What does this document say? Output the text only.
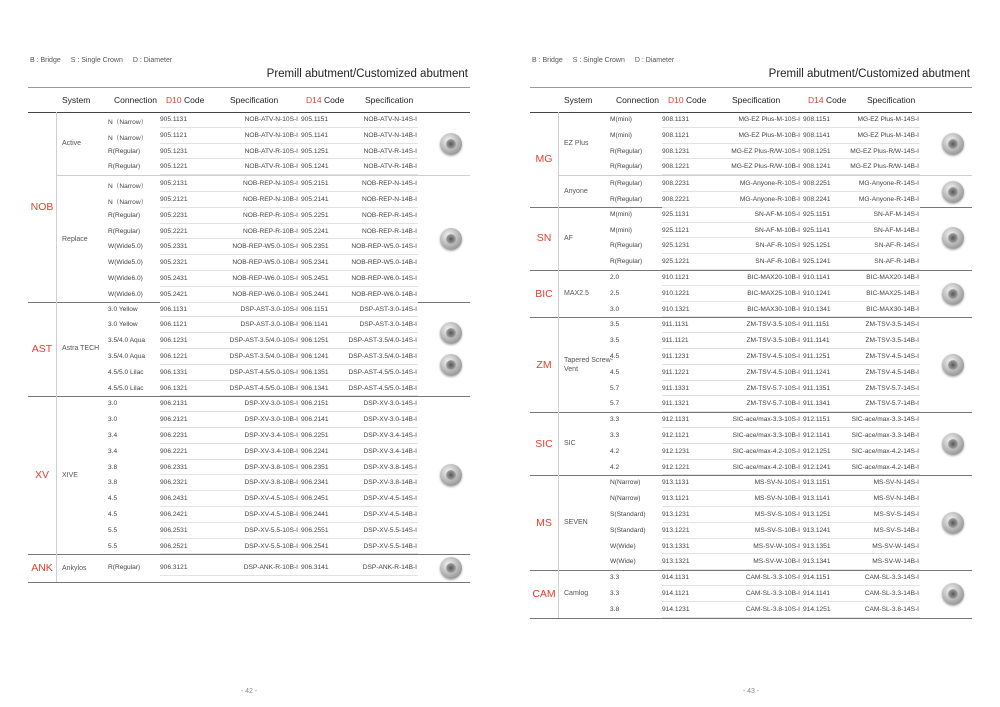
B : Bridge S : Single Crown D : Diameter
Premill abutment/Customized abutment
System	Connection D10 Code	Specification	D14 Code Specification
NOB
Active
N（Narrow） 905.1131	NOB-ATV-N-10S-I 905.1151	NOB-ATV-N-14S-I
N（Narrow） 905.1121	NOB-ATV-N-10B-I 905.1141	NOB-ATV-N-14B-I
R(Regular)	905.1231	NOB-ATV-R-10S-I 905.1251	NOB-ATV-R-14S-I
R(Regular)	905.1221	NOB-ATV-R-10B-I 905.1241	NOB-ATV-R-14B-I
Replace
N（Narrow） 905.2131	NOB-REP-N-10S-I 905.2151	NOB-REP-N-14S-I
N（Narrow） 905.2121	NOB-REP-N-10B-I 905.2141	NOB-REP-N-14B-I
R(Regular)	905.2231	NOB-REP-R-10S-I 905.2251	NOB-REP-R-14S-I
R(Regular)	905.2221	NOB-REP-R-10B-I 905.2241	NOB-REP-R-14B-I
W(Wide5.0)	905.2331	NOB-REP-W5.0-10S-I 905.2351	NOB-REP-W5.0-14S-I
W(Wide5.0)	905.2321	NOB-REP-W5.0-10B-I 905.2341	NOB-REP-W5.0-14B-I
W(Wide6.0)	905.2431	NOB-REP-W6.0-10S-I 905.2451	NOB-REP-W6.0-14S-I
W(Wide6.0)	905.2421	NOB-REP-W6.0-10B-I 905.2441	NOB-REP-W6.0-14B-I
AST	Astra TECH
3.0 Yellow	906.1131	DSP-AST-3.0-10S-I 906.1151	DSP-AST-3.0-14S-I
3.0 Yellow	906.1121	DSP-AST-3.0-10B-I 906.1141	DSP-AST-3.0-14B-I
3.5/4.0 Aqua 906.1231	DSP-AST-3.5/4.0-10S-I 906.1251	DSP-AST-3.5/4.0-14S-I
3.5/4.0 Aqua 906.1221	DSP-AST-3.5/4.0-10B-I 906.1241	DSP-AST-3.5/4.0-14B-I
4.5/5.0 Lilac 906.1331	DSP-AST-4.5/5.0-10S-I 906.1351	DSP-AST-4.5/5.0-14S-I
4.5/5.0 Lilac 906.1321	DSP-AST-4.5/5.0-10B-I 906.1341	DSP-AST-4.5/5.0-14B-I
XV	XIVE
3.0	906.2131	DSP-XV-3.0-10S-I 906.2151	DSP-XV-3.0-14S-I
3.0	906.2121	DSP-XV-3.0-10B-I 906.2141	DSP-XV-3.0-14B-I
3.4	906.2231	DSP-XV-3.4-10S-I 906.2251	DSP-XV-3.4-14S-I
3.4	906.2221	DSP-XV-3.4-10B-I 906.2241	DSP-XV-3.4-14B-I
3.8	906.2331	DSP-XV-3.8-10S-I 906.2351	DSP-XV-3.8-14S-I
3.8	906.2321	DSP-XV-3.8-10B-I 906.2341	DSP-XV-3.8-14B-I
4.5	906.2431	DSP-XV-4.5-10S-I 906.2451	DSP-XV-4.5-14S-I
4.5	906.2421	DSP-XV-4.5-10B-I 906.2441	DSP-XV-4.5-14B-I
5.5	906.2531	DSP-XV-5.5-10S-I 906.2551	DSP-XV-5.5-14S-I
5.5	906.2521	DSP-XV-5.5-10B-I 906.2541	DSP-XV-5.5-14B-I
ANK	Ankylos	R(Regular)	906.3121	DSP-ANK-R-10B-I 906.3141	DSP-ANK-R-14B-I
- 42 -
B : Bridge S : Single Crown D : Diameter
Premill abutment/Customized abutment
System	Connection D10 Code	Specification	D14 Code Specification
MG
EZ Plus
M(mini)	908.1131	MG-EZ Plus-M-10S-I 908.1151	MG-EZ Plus-M-14S-I
M(mini)	908.1121	MG-EZ Plus-M-10B-I 908.1141	MG-EZ Plus-M-14B-I
R(Regular)	908.1231	MG-EZ Plus-R/W-10S-I 908.1251	MG-EZ Plus-R/W-14S-I
R(Regular)	908.1221	MG-EZ Plus-R/W-10B-I 908.1241	MG-EZ Plus-R/W-14B-I
Anyone
R(Regular)	908.2231	MG-Anyone-R-10S-I 908.2251	MG-Anyone-R-14S-I
R(Regular)	908.2221	MG-Anyone-R-10B-I 908.2241	MG-Anyone-R-14B-I
SN	AF
M(mini)	925.1131	SN-AF-M-10S-I 925.1151	SN-AF-M-14S-I
M(mini)	925.1121	SN-AF-M-10B-I 925.1141	SN-AF-M-14B-I
R(Regular)	925.1231	SN-AF-R-10S-I 925.1251	SN-AF-R-14S-I
R(Regular)	925.1221	SN-AF-R-10B-I 925.1241	SN-AF-R-14B-I
BIC	MAX2.5
2.0	910.1121	BIC-MAX20-10B-I 910.1141	BIC-MAX20-14B-I
2.5	910.1221	BIC-MAX25-10B-I 910.1241	BIC-MAX25-14B-I
3.0	910.1321	BIC-MAX30-10B-I 910.1341	BIC-MAX30-14B-I
ZM	Tapered Screw-Vent
3.5	911.1131	ZM-TSV-3.5-10S-I 911.1151	ZM-TSV-3.5-14S-I
3.5	911.1121	ZM-TSV-3.5-10B-I 911.1141	ZM-TSV-3.5-14B-I
4.5	911.1231	ZM-TSV-4.5-10S-I 911.1251	ZM-TSV-4.5-14S-I
4.5	911.1221	ZM-TSV-4.5-10B-I 911.1241	ZM-TSV-4.5-14B-I
5.7	911.1331	ZM-TSV-5.7-10S-I 911.1351	ZM-TSV-5.7-14S-I
5.7	911.1321	ZM-TSV-5.7-10B-I 911.1341	ZM-TSV-5.7-14B-I
SIC	SIC
3.3	912.1131	SIC-ace/max-3.3-10S-I 912.1151	SIC-ace/max-3.3-14S-I
3.3	912.1121	SIC-ace/max-3.3-10B-I 912.1141	SIC-ace/max-3.3-14B-I
4.2	912.1231	SIC-ace/max-4.2-10S-I 912.1251	SIC-ace/max-4.2-14S-I
4.2	912.1221	SIC-ace/max-4.2-10B-I 912.1241	SIC-ace/max-4.2-14B-I
MS	SEVEN
N(Narrow)	913.1131	MS-SV-N-10S-I 913.1151	MS-SV-N-14S-I
N(Narrow)	913.1121	MS-SV-N-10B-I 913.1141	MS-SV-N-14B-I
S(Standard) 913.1231	MS-SV-S-10S-I 913.1251	MS-SV-S-14S-I
S(Standard) 913.1221	MS-SV-S-10B-I 913.1241	MS-SV-S-14B-I
W(Wide)	913.1331	MS-SV-W-10S-I 913.1351	MS-SV-W-14S-I
W(Wide)	913.1321	MS-SV-W-10B-I 913.1341	MS-SV-W-14B-I
CAM	Camlog
3.3	914.1131	CAM-SL-3.3-10S-I 914.1151	CAM-SL-3.3-14S-I
3.3	914.1121	CAM-SL-3.3-10B-I 914.1141	CAM-SL-3.3-14B-I
3.8	914.1231	CAM-SL-3.8-10S-I 914.1251	CAM-SL-3.8-14S-I
- 43 -
